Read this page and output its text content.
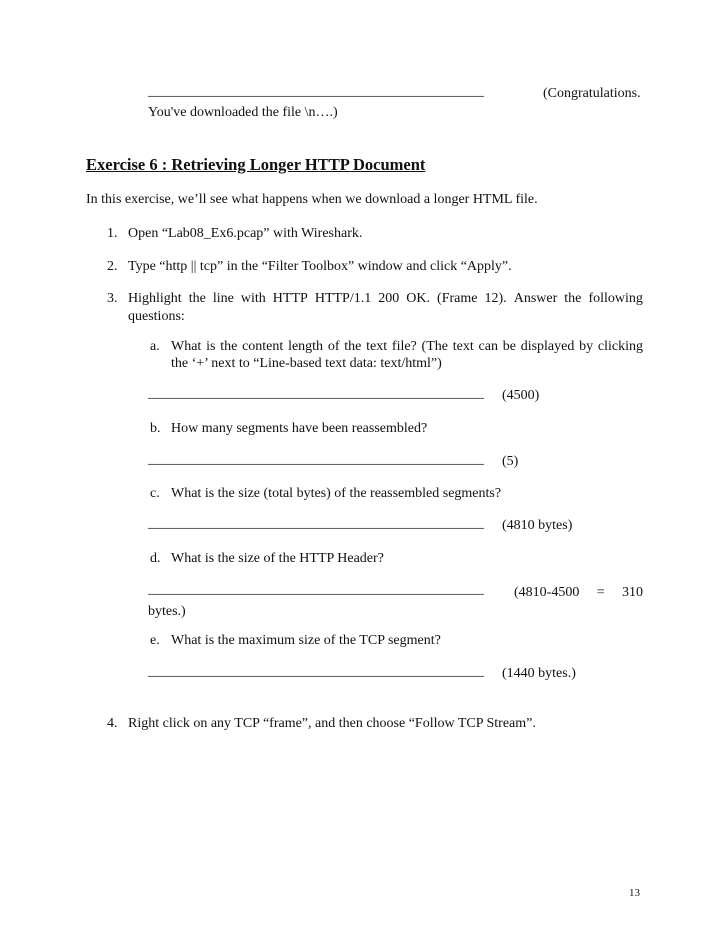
________________________________________________	(Congratulations.
You've downloaded the file \n….)
Exercise 6 : Retrieving Longer HTTP Document
In this exercise, we’ll see what happens when we download a longer HTML file.
1. Open “Lab08_Ex6.pcap” with Wireshark.
2. Type “http || tcp” in the “Filter Toolbox” window and click “Apply”.
3. Highlight the line with HTTP HTTP/1.1 200 OK. (Frame 12). Answer the following
questions:
a. What is the content length of the text file? (The text can be displayed by clicking
the ‘+’ next to “Line-based text data: text/html”)
________________________________________________ (4500)
b. How many segments have been reassembled?
________________________________________________ (5)
c. What is the size (total bytes) of the reassembled segments?
________________________________________________ (4810 bytes)
d. What is the size of the HTTP Header?
________________________________________________ (4810-4500 = 310
bytes.)
e. What is the maximum size of the TCP segment?
________________________________________________ (1440 bytes.)
4. Right click on any TCP “frame”, and then choose “Follow TCP Stream”.
13
